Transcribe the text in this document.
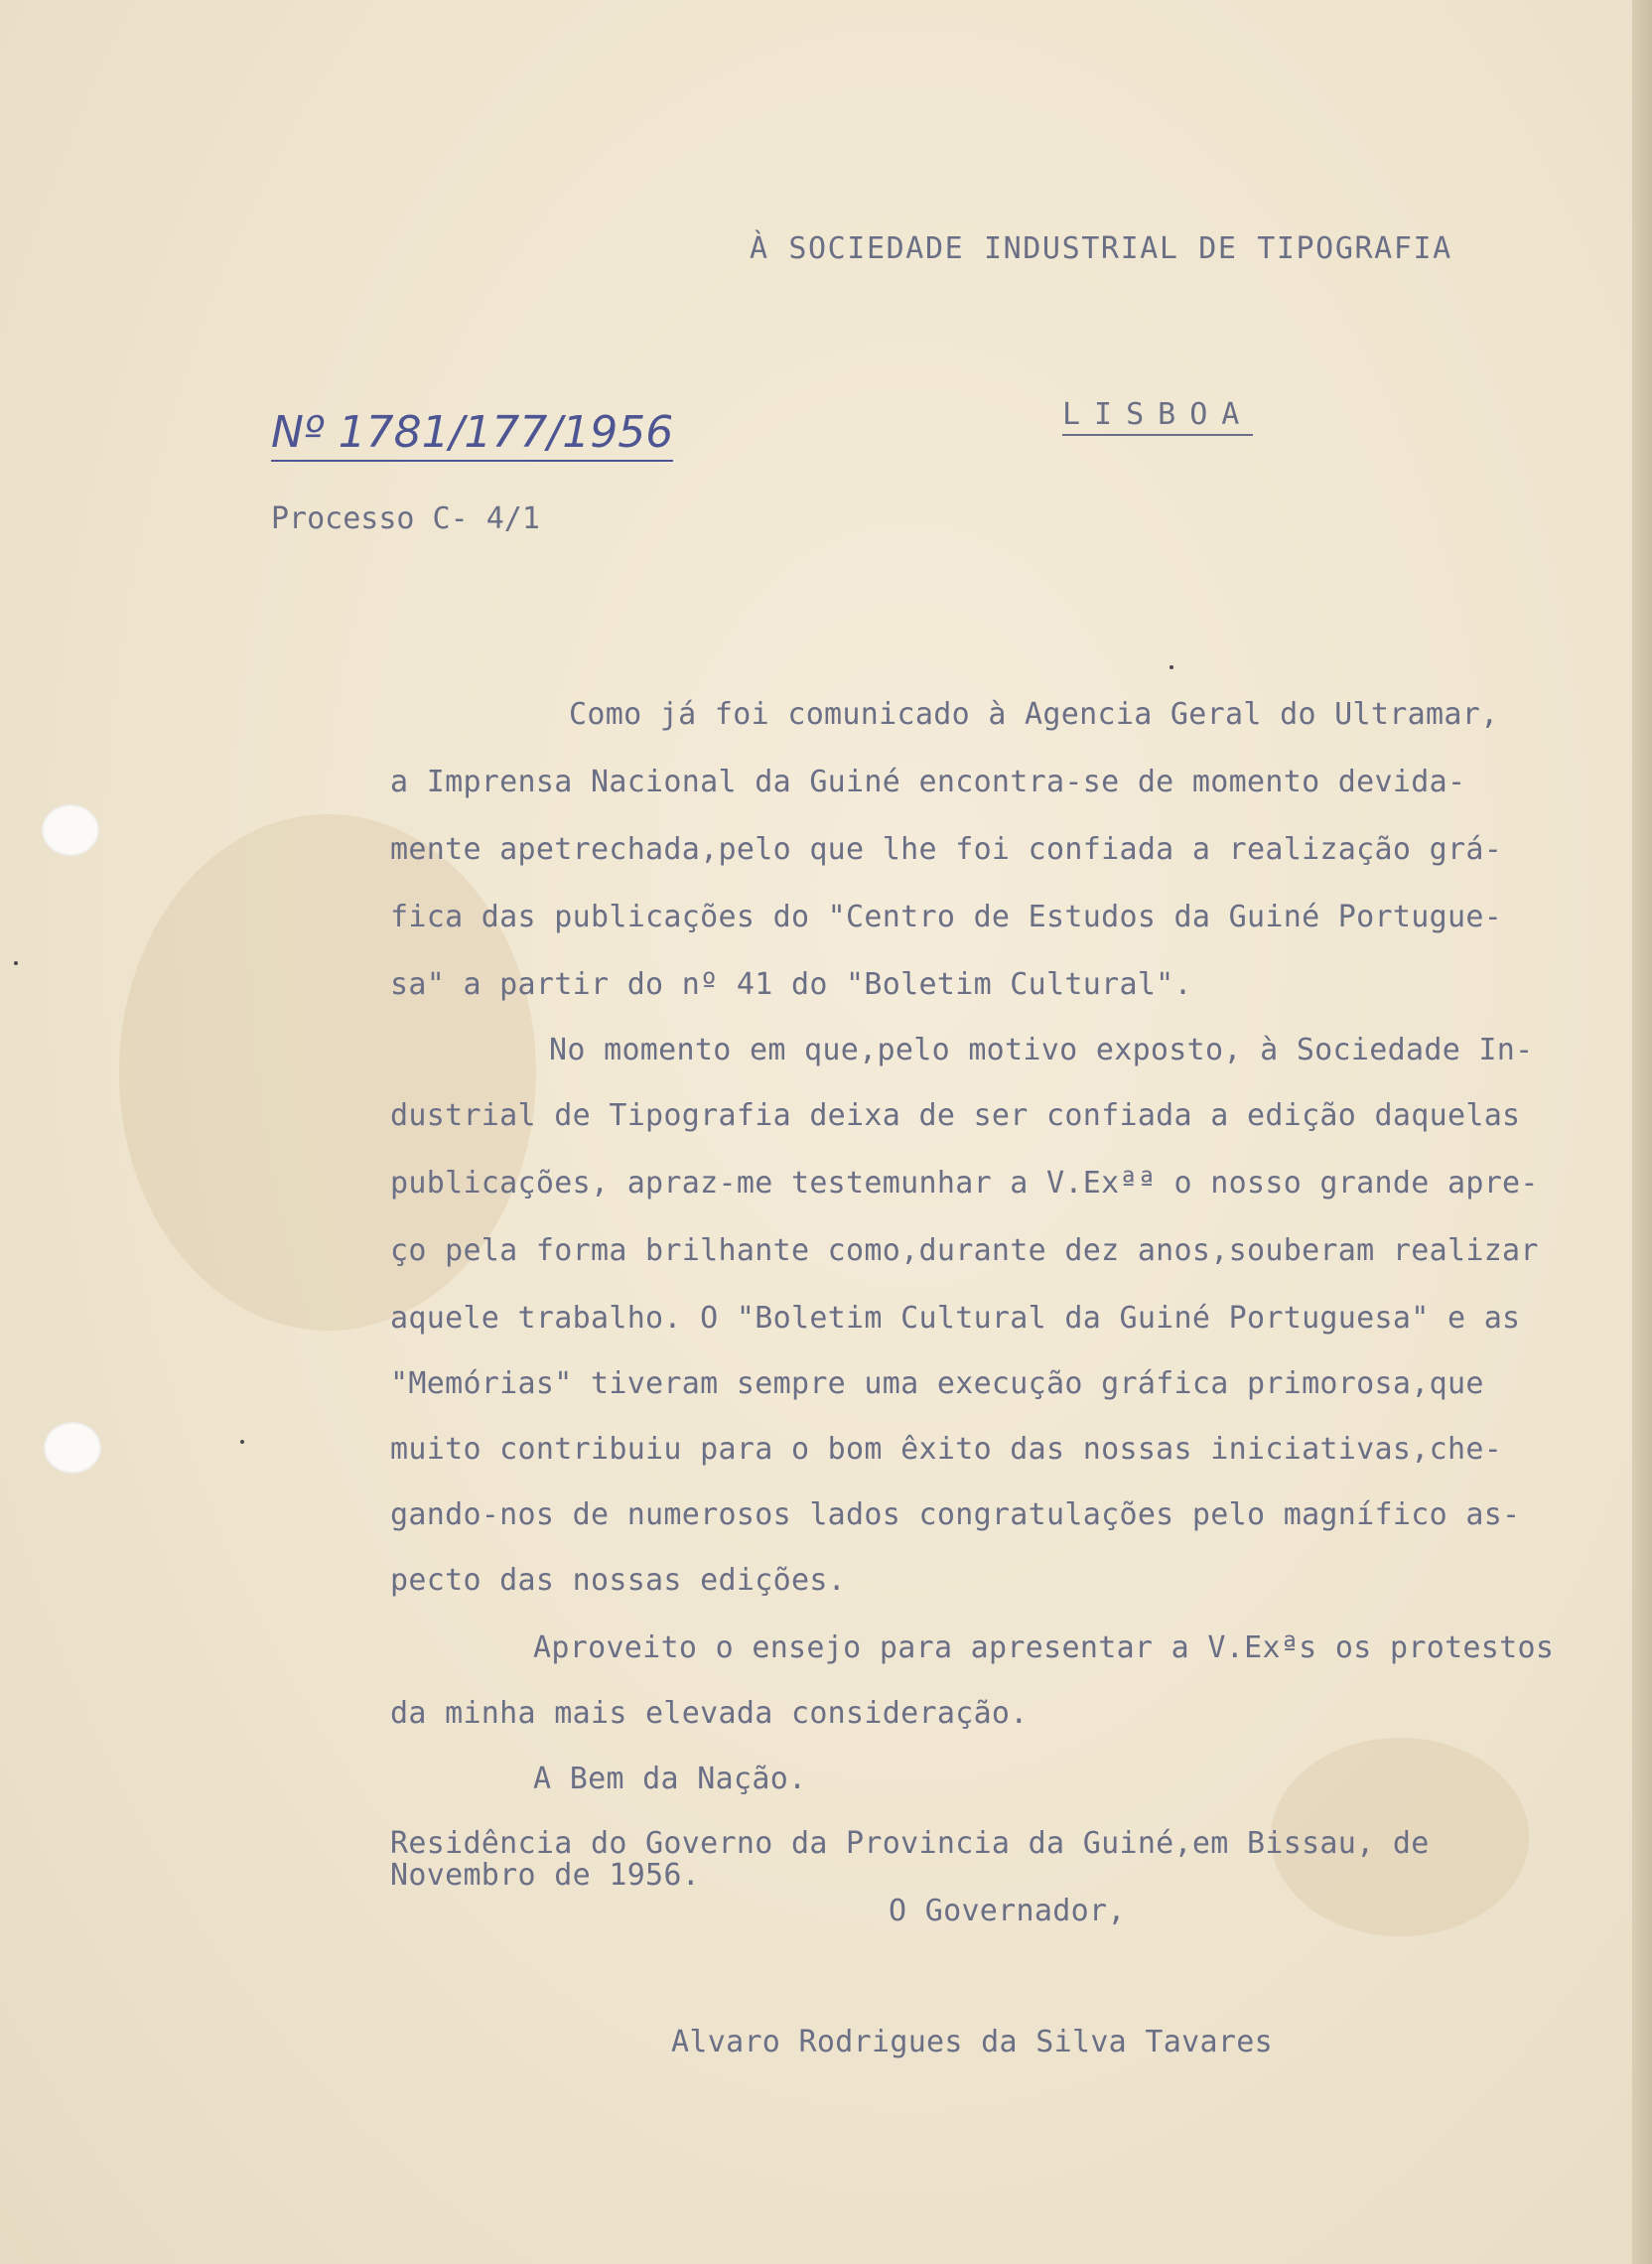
À SOCIEDADE INDUSTRIAL DE TIPOGRAFIA
LISBOA
Nº 1781/177/1956
Processo C- 4/1
Como já foi comunicado à Agencia Geral do Ultramar,
a Imprensa Nacional da Guiné encontra-se de momento devida-
mente apetrechada,pelo que lhe foi confiada a realização grá-
fica das publicações do "Centro de Estudos da Guiné Portugue-
sa" a partir do nº 41 do "Boletim Cultural".
No momento em que,pelo motivo exposto, à Sociedade In-
dustrial de Tipografia deixa de ser confiada a edição daquelas
publicações, apraz-me testemunhar a V.Exªª o nosso grande apre-
ço pela forma brilhante como,durante dez anos,souberam realizar
aquele trabalho. O "Boletim Cultural da Guiné Portuguesa" e as
"Memórias" tiveram sempre uma execução gráfica primorosa,que
muito contribuiu para o bom êxito das nossas iniciativas,che-
gando-nos de numerosos lados congratulações pelo magnífico as-
pecto das nossas edições.
Aproveito o ensejo para apresentar a V.Exªs os protestos
da minha mais elevada consideração.
A Bem da Nação.
Residência do Governo da Provincia da Guiné,em Bissau, de
Novembro de 1956.
O Governador,
Alvaro Rodrigues da Silva Tavares
